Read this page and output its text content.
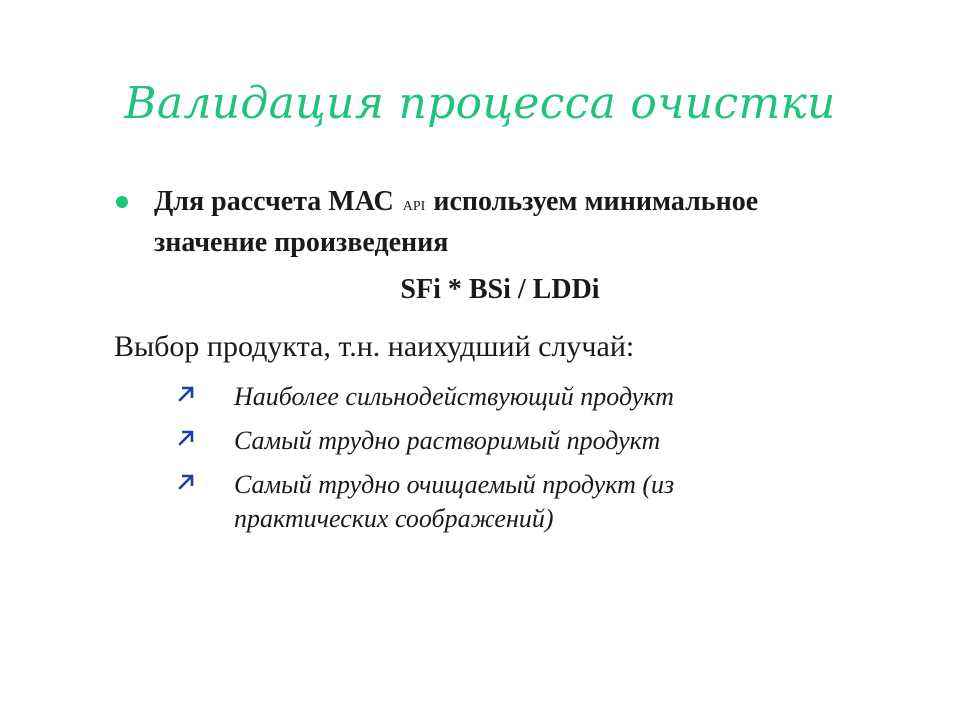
Валидация процесса очистки
Для рассчета МАС API используем минимальное значение произведения
SFi * BSi / LDDi
Выбор продукта, т.н. наихудший случай:
Наиболее сильнодействующий продукт
Самый трудно растворимый продукт
Самый трудно очищаемый продукт (из практических соображений)
